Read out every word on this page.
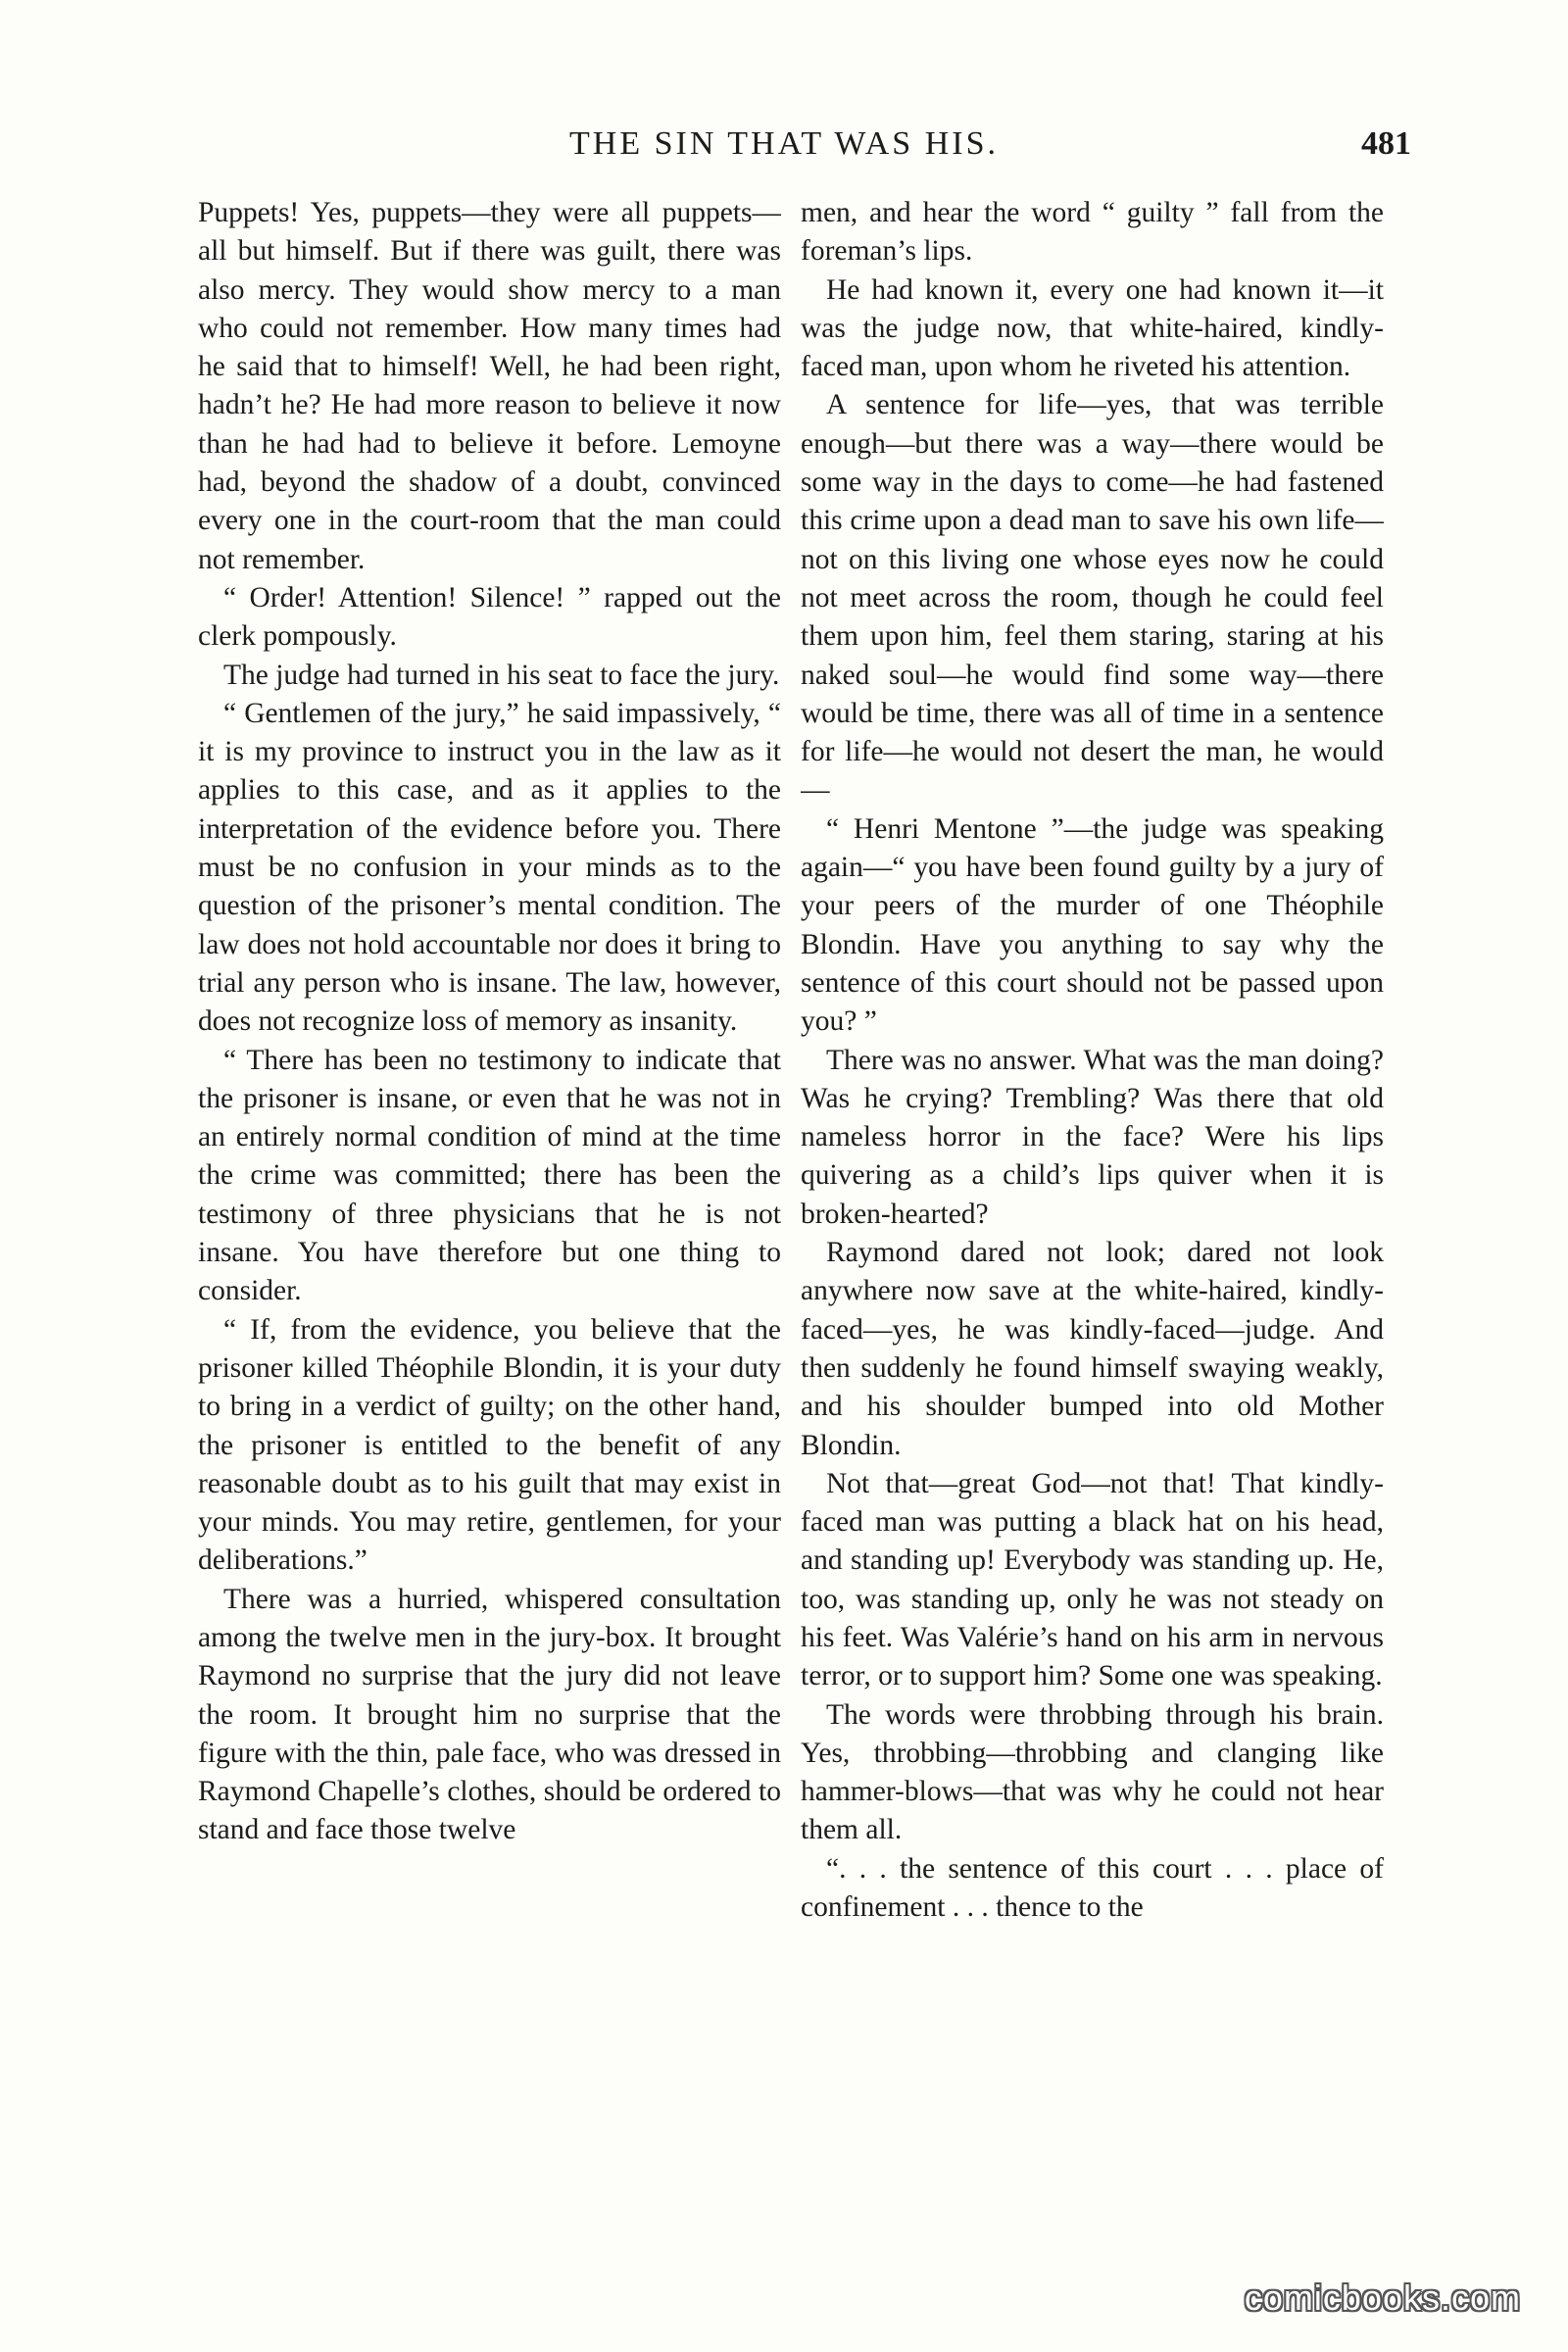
THE SIN THAT WAS HIS.	481

Puppets! Yes, puppets—they were all puppets—all but himself. But if there was guilt, there was also mercy. They would show mercy to a man who could not remember. How many times had he said that to himself! Well, he had been right, hadn’t he? He had more reason to believe it now than he had had to believe it before. Lemoyne had, beyond the shadow of a doubt, convinced every one in the court-room that the man could not remember.

“ Order! Attention! Silence! ” rapped out the clerk pompously.

The judge had turned in his seat to face the jury.

“ Gentlemen of the jury,” he said impassively, “ it is my province to instruct you in the law as it applies to this case, and as it applies to the interpretation of the evidence before you. There must be no confusion in your minds as to the question of the prisoner’s mental condition. The law does not hold accountable nor does it bring to trial any person who is insane. The law, however, does not recognize loss of memory as insanity.

“ There has been no testimony to indicate that the prisoner is insane, or even that he was not in an entirely normal condition of mind at the time the crime was committed; there has been the testimony of three physicians that he is not insane. You have therefore but one thing to consider.

“ If, from the evidence, you believe that the prisoner killed Théophile Blondin, it is your duty to bring in a verdict of guilty; on the other hand, the prisoner is entitled to the benefit of any reasonable doubt as to his guilt that may exist in your minds. You may retire, gentlemen, for your deliberations.”

There was a hurried, whispered consultation among the twelve men in the jury-box. It brought Raymond no surprise that the jury did not leave the room. It brought him no surprise that the figure with the thin, pale face, who was dressed in Raymond Chapelle’s clothes, should be ordered to stand and face those twelve

men, and hear the word “ guilty ” fall from the foreman’s lips.

He had known it, every one had known it—it was the judge now, that white-haired, kindly-faced man, upon whom he riveted his attention.

A sentence for life—yes, that was terrible enough—but there was a way—there would be some way in the days to come—he had fastened this crime upon a dead man to save his own life—not on this living one whose eyes now he could not meet across the room, though he could feel them upon him, feel them staring, staring at his naked soul—he would find some way—there would be time, there was all of time in a sentence for life—he would not desert the man, he would—

“ Henri Mentone ”—the judge was speaking again—“ you have been found guilty by a jury of your peers of the murder of one Théophile Blondin. Have you anything to say why the sentence of this court should not be passed upon you? ”

There was no answer. What was the man doing? Was he crying? Trembling? Was there that old nameless horror in the face? Were his lips quivering as a child’s lips quiver when it is broken-hearted?

Raymond dared not look; dared not look anywhere now save at the white-haired, kindly-faced—yes, he was kindly-faced—judge. And then suddenly he found himself swaying weakly, and his shoulder bumped into old Mother Blondin.

Not that—great God—not that! That kindly-faced man was putting a black hat on his head, and standing up! Everybody was standing up. He, too, was standing up, only he was not steady on his feet. Was Valérie’s hand on his arm in nervous terror, or to support him? Some one was speaking.

The words were throbbing through his brain. Yes, throbbing—throbbing and clanging like hammer-blows—that was why he could not hear them all.

“. . . the sentence of this court . . . place of confinement . . . thence to the

comicbooks.com
